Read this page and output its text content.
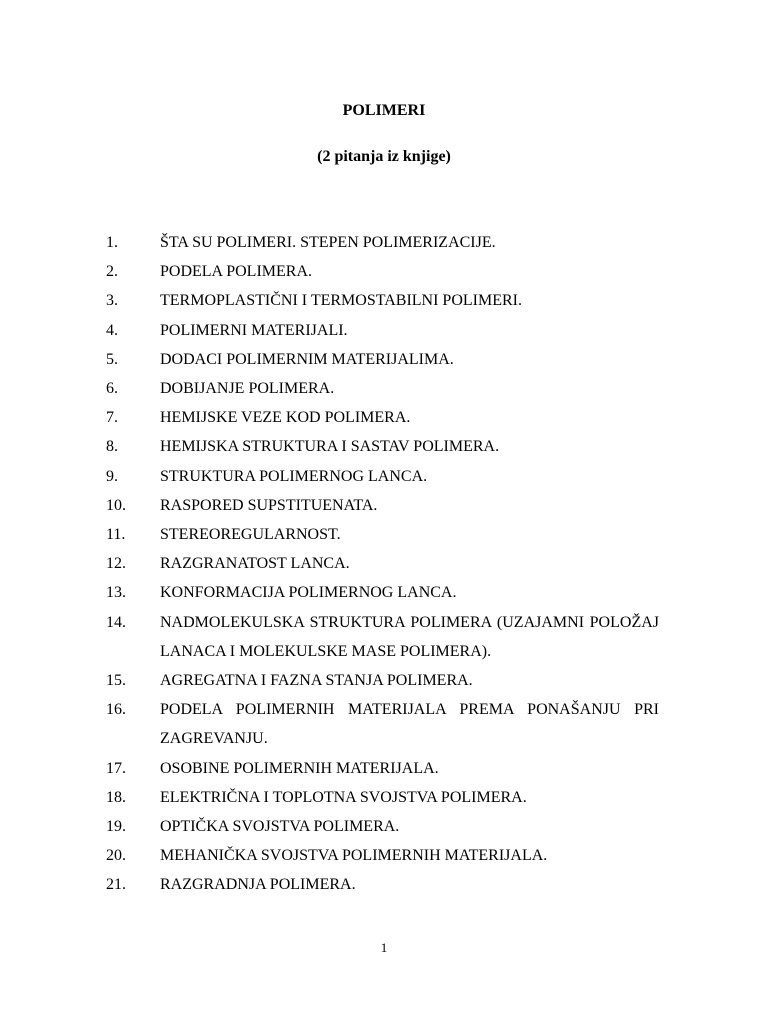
POLIMERI
(2 pitanja iz knjige)
1.	ŠTA SU POLIMERI. STEPEN POLIMERIZACIJE.
2.	PODELA POLIMERA.
3.	TERMOPLASTIČNI I TERMOSTABILNI POLIMERI.
4.	POLIMERNI MATERIJALI.
5.	DODACI POLIMERNIM MATERIJALIMA.
6.	DOBIJANJE POLIMERA.
7.	HEMIJSKE VEZE KOD POLIMERA.
8.	HEMIJSKA STRUKTURA I SASTAV POLIMERA.
9.	STRUKTURA POLIMERNOG LANCA.
10. RASPORED SUPSTITUENATA.
11. STEREOREGULARNOST.
12. RAZGRANATOST LANCA.
13. KONFORMACIJA POLIMERNOG LANCA.
14. NADMOLEKULSKA STRUKTURA POLIMERA (UZAJAMNI POLOŽAJ LANACA I MOLEKULSKE MASE POLIMERA).
15. AGREGATNA I FAZNA STANJA POLIMERA.
16. PODELA POLIMERNIH MATERIJALA PREMA PONAŠANJU PRI ZAGREVANJU.
17. OSOBINE POLIMERNIH MATERIJALA.
18. ELEKTRIČNA I TOPLOTNA SVOJSTVA POLIMERA.
19. OPTIČKA SVOJSTVA POLIMERA.
20. MEHANIČKA SVOJSTVA POLIMERNIH MATERIJALA.
21. RAZGRADNJA POLIMERA.
1
